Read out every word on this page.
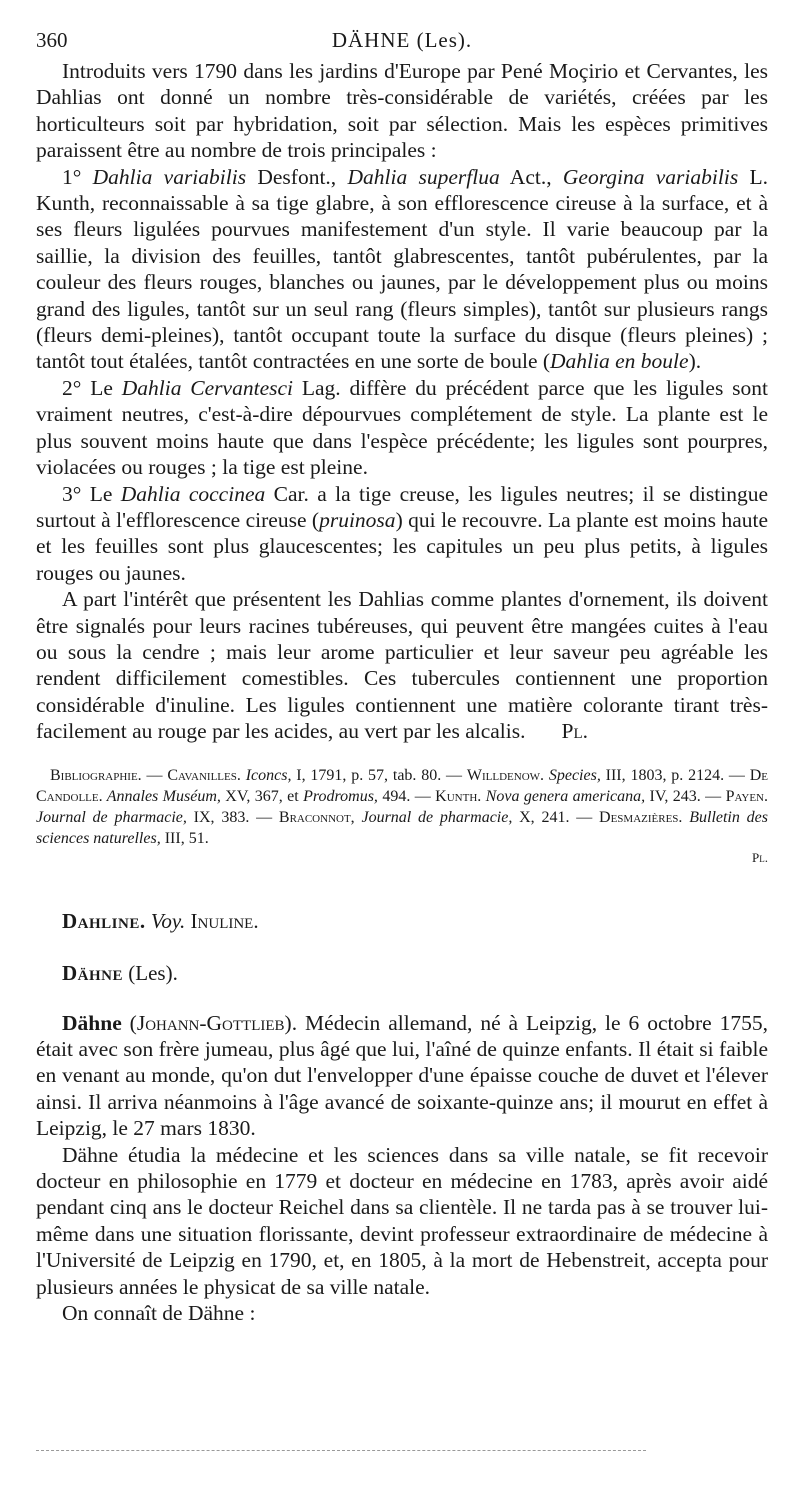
360	DÄHNE (Les).

Introduits vers 1790 dans les jardins d'Europe par Pené Moçirio et Cervantes, les Dahlias ont donné un nombre très-considérable de variétés, créées par les horticulteurs soit par hybridation, soit par sélection. Mais les espèces primitives paraissent être au nombre de trois principales :

1° Dahlia variabilis Desfont., Dahlia superflua Act., Georgina variabilis L. Kunth, reconnaissable à sa tige glabre, à son efflorescence cireuse à la surface, et à ses fleurs ligulées pourvues manifestement d'un style. Il varie beaucoup par la saillie, la division des feuilles, tantôt glabrescentes, tantôt pubérulentes, par la couleur des fleurs rouges, blanches ou jaunes, par le développement plus ou moins grand des ligules, tantôt sur un seul rang (fleurs simples), tantôt sur plusieurs rangs (fleurs demi-pleines), tantôt occupant toute la surface du disque (fleurs pleines) ; tantôt tout étalées, tantôt contractées en une sorte de boule (Dahlia en boule).

2° Le Dahlia Cervantesci Lag. diffère du précédent parce que les ligules sont vraiment neutres, c'est-à-dire dépourvues complétement de style. La plante est le plus souvent moins haute que dans l'espèce précédente; les ligules sont pourpres, violacées ou rouges ; la tige est pleine.

3° Le Dahlia coccinea Car. a la tige creuse, les ligules neutres; il se distingue surtout à l'efflorescence cireuse (pruinosa) qui le recouvre. La plante est moins haute et les feuilles sont plus glaucescentes; les capitules un peu plus petits, à ligules rouges ou jaunes.

A part l'intérêt que présentent les Dahlias comme plantes d'ornement, ils doivent être signalés pour leurs racines tubéreuses, qui peuvent être mangées cuites à l'eau ou sous la cendre ; mais leur arome particulier et leur saveur peu agréable les rendent difficilement comestibles. Ces tubercules contiennent une proportion considérable d'inuline. Les ligules contiennent une matière colorante tirant très-facilement au rouge par les acides, au vert par les alcalis. Pl.

Bibliographie. — Cavanilles. Iconcs, I, 1791, p. 57, tab. 80. — Willdenow. Species, III, 1803, p. 2124. — De Candolle. Annales Muséum, XV, 367, et Prodromus, 494. — Kunth. Nova genera americana, IV, 243. — Payen. Journal de pharmacie, IX, 383. — Braconnot, Journal de pharmacie, X, 241. — Desmazières. Bulletin des sciences naturelles, III, 51.
Pl.
Dahline. Voy. Inuline.
Dähne (Les).

Dähne (Johann-Gottlieb). Médecin allemand, né à Leipzig, le 6 octobre 1755, était avec son frère jumeau, plus âgé que lui, l'aîné de quinze enfants. Il était si faible en venant au monde, qu'on dut l'envelopper d'une épaisse couche de duvet et l'élever ainsi. Il arriva néanmoins à l'âge avancé de soixante-quinze ans; il mourut en effet à Leipzig, le 27 mars 1830.

Dähne étudia la médecine et les sciences dans sa ville natale, se fit recevoir docteur en philosophie en 1779 et docteur en médecine en 1783, après avoir aidé pendant cinq ans le docteur Reichel dans sa clientèle. Il ne tarda pas à se trouver lui-même dans une situation florissante, devint professeur extraordinaire de médecine à l'Université de Leipzig en 1790, et, en 1805, à la mort de Hebenstreit, accepta pour plusieurs années le physicat de sa ville natale.

On connaît de Dähne :
